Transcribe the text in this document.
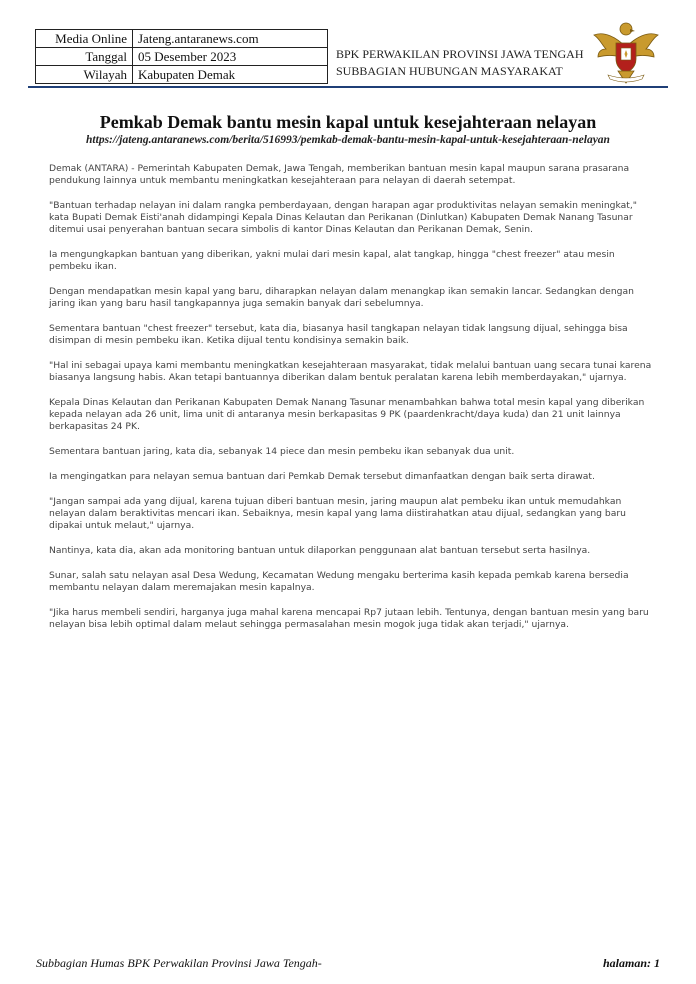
Media Online	Jateng.antaranews.com
Tanggal	05 Desember 2023
Wilayah	Kabupaten Demak
BPK PERWAKILAN PROVINSI JAWA TENGAH
SUBBAGIAN HUBUNGAN MASYARAKAT
Pemkab Demak bantu mesin kapal untuk kesejahteraan nelayan
https://jateng.antaranews.com/berita/516993/pemkab-demak-bantu-mesin-kapal-untuk-kesejahteraan-nelayan

Demak (ANTARA) - Pemerintah Kabupaten Demak, Jawa Tengah, memberikan bantuan mesin kapal maupun sarana prasarana pendukung lainnya untuk membantu meningkatkan kesejahteraan para nelayan di daerah setempat.

"Bantuan terhadap nelayan ini dalam rangka pemberdayaan, dengan harapan agar produktivitas nelayan semakin meningkat," kata Bupati Demak Eisti'anah didampingi Kepala Dinas Kelautan dan Perikanan (Dinlutkan) Kabupaten Demak Nanang Tasunar ditemui usai penyerahan bantuan secara simbolis di kantor Dinas Kelautan dan Perikanan Demak, Senin.

Ia mengungkapkan bantuan yang diberikan, yakni mulai dari mesin kapal, alat tangkap, hingga "chest freezer" atau mesin pembeku ikan.

Dengan mendapatkan mesin kapal yang baru, diharapkan nelayan dalam menangkap ikan semakin lancar. Sedangkan dengan jaring ikan yang baru hasil tangkapannya juga semakin banyak dari sebelumnya.

Sementara bantuan "chest freezer" tersebut, kata dia, biasanya hasil tangkapan nelayan tidak langsung dijual, sehingga bisa disimpan di mesin pembeku ikan. Ketika dijual tentu kondisinya semakin baik.

"Hal ini sebagai upaya kami membantu meningkatkan kesejahteraan masyarakat, tidak melalui bantuan uang secara tunai karena biasanya langsung habis. Akan tetapi bantuannya diberikan dalam bentuk peralatan karena lebih memberdayakan," ujarnya.

Kepala Dinas Kelautan dan Perikanan Kabupaten Demak Nanang Tasunar menambahkan bahwa total mesin kapal yang diberikan kepada nelayan ada 26 unit, lima unit di antaranya mesin berkapasitas 9 PK (paardenkracht/daya kuda) dan 21 unit lainnya berkapasitas 24 PK.

Sementara bantuan jaring, kata dia, sebanyak 14 piece dan mesin pembeku ikan sebanyak dua unit.

Ia mengingatkan para nelayan semua bantuan dari Pemkab Demak tersebut dimanfaatkan dengan baik serta dirawat.

"Jangan sampai ada yang dijual, karena tujuan diberi bantuan mesin, jaring maupun alat pembeku ikan untuk memudahkan nelayan dalam beraktivitas mencari ikan. Sebaiknya, mesin kapal yang lama diistirahatkan atau dijual, sedangkan yang baru dipakai untuk melaut," ujarnya.

Nantinya, kata dia, akan ada monitoring bantuan untuk dilaporkan penggunaan alat bantuan tersebut serta hasilnya.

Sunar, salah satu nelayan asal Desa Wedung, Kecamatan Wedung mengaku berterima kasih kepada pemkab karena bersedia membantu nelayan dalam meremajakan mesin kapalnya.

"Jika harus membeli sendiri, harganya juga mahal karena mencapai Rp7 jutaan lebih. Tentunya, dengan bantuan mesin yang baru nelayan bisa lebih optimal dalam melaut sehingga permasalahan mesin mogok juga tidak akan terjadi," ujarnya.

Subbagian Humas BPK Perwakilan Provinsi Jawa Tengah-	halaman: 1
